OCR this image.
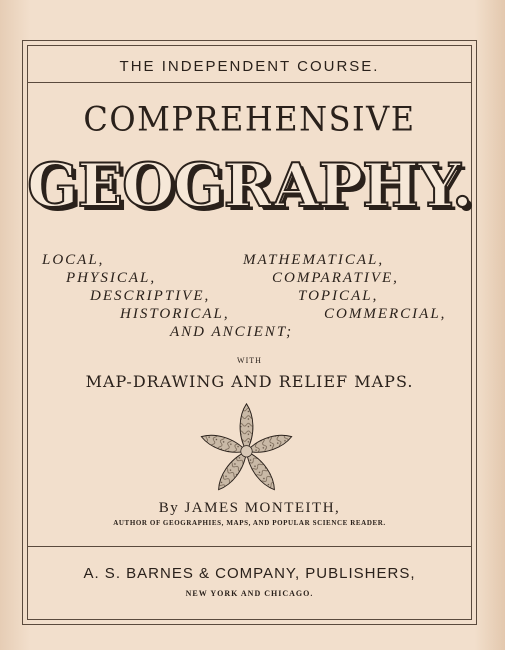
THE INDEPENDENT COURSE.
COMPREHENSIVE
GEOGRAPHY.
LOCAL,	MATHEMATICAL,
PHYSICAL,	COMPARATIVE,
DESCRIPTIVE,	TOPICAL,
HISTORICAL,	COMMERCIAL,
AND ANCIENT;
WITH
MAP-DRAWING AND RELIEF MAPS.
By JAMES MONTEITH,
AUTHOR OF GEOGRAPHIES, MAPS, AND POPULAR SCIENCE READER.
A. S. BARNES & COMPANY, PUBLISHERS,
NEW YORK AND CHICAGO.
